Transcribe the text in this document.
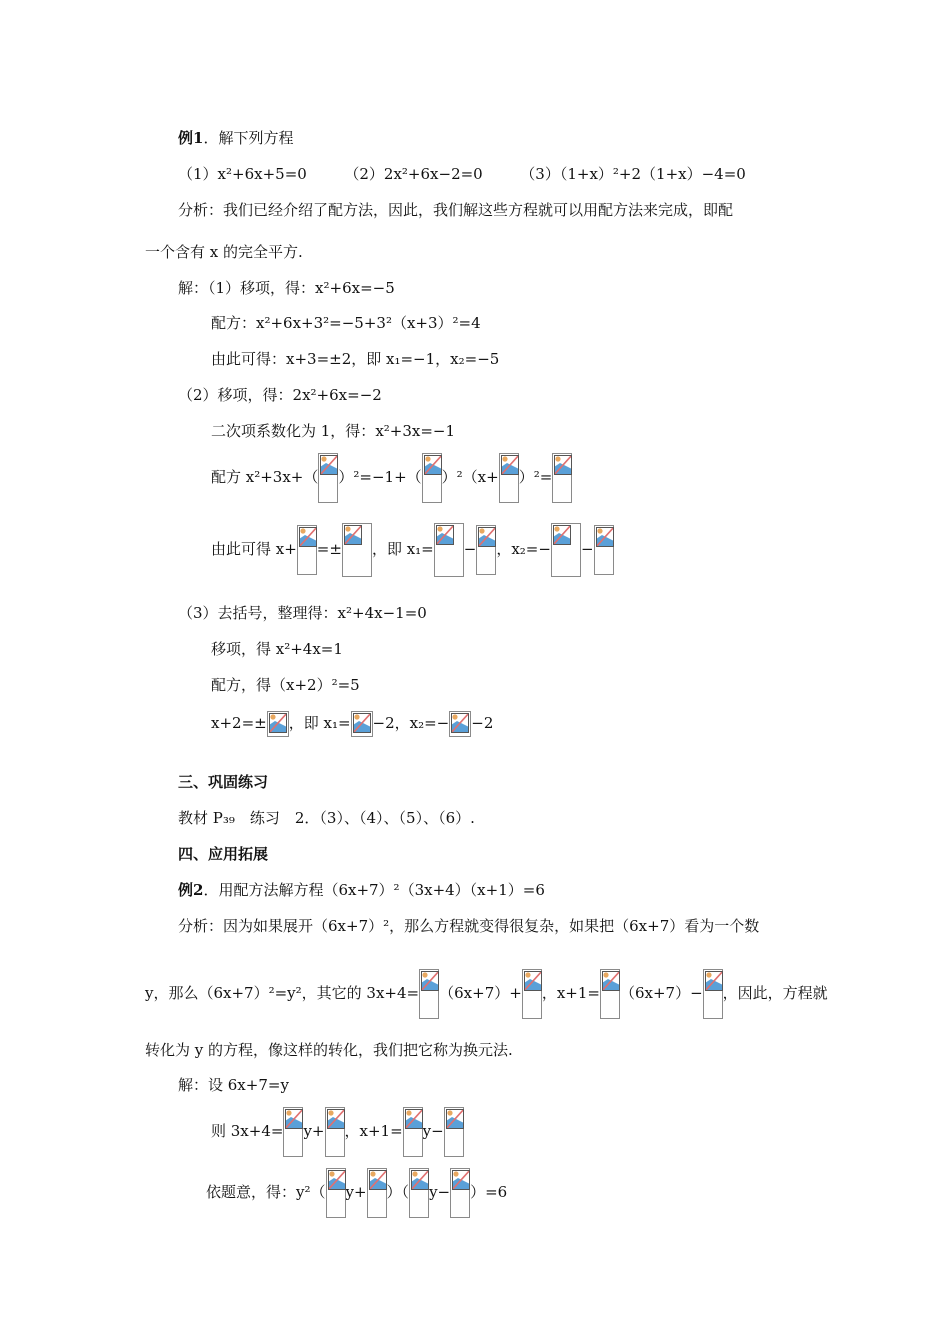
例1．解下列方程
（1）x²+6x+5=0	（2）2x²+6x−2=0	（3）（1+x）²+2（1+x）−4=0
分析：我们已经介绍了配方法，因此，我们解这些方程就可以用配方法来完成，即配
一个含有 x 的完全平方.
解：（1）移项，得：x²+6x=−5
配方：x²+6x+3²=−5+3²（x+3）²=4
由此可得：x+3=±2，即 x₁=−1，x₂=−5
（2）移项，得：2x²+6x=−2
二次项系数化为 1，得：x²+3x=−1
配方 x²+3x+（ ）²=−1+（ ）²（x+ ）²=
由此可得 x+ =± ，即 x₁= − ，x₂=− −
（3）去括号，整理得：x²+4x−1=0
移项，得 x²+4x=1
配方，得（x+2）²=5
x+2=± ，即 x₁= −2，x₂=− −2
三、巩固练习
教材 P₃₉　练习　2．（3）、（4）、（5）、（6）.
四、应用拓展
例2．用配方法解方程（6x+7）²（3x+4）（x+1）=6
分析：因为如果展开（6x+7）²，那么方程就变得很复杂，如果把（6x+7）看为一个数
y，那么（6x+7）²=y²，其它的 3x+4= （6x+7）+ ，x+1= （6x+7）− ，因此，方程就
转化为 y 的方程，像这样的转化，我们把它称为换元法.
解：设 6x+7=y
则 3x+4= y+ ，x+1= y−
依题意，得：y²（ y+ ）（ y− ）=6
